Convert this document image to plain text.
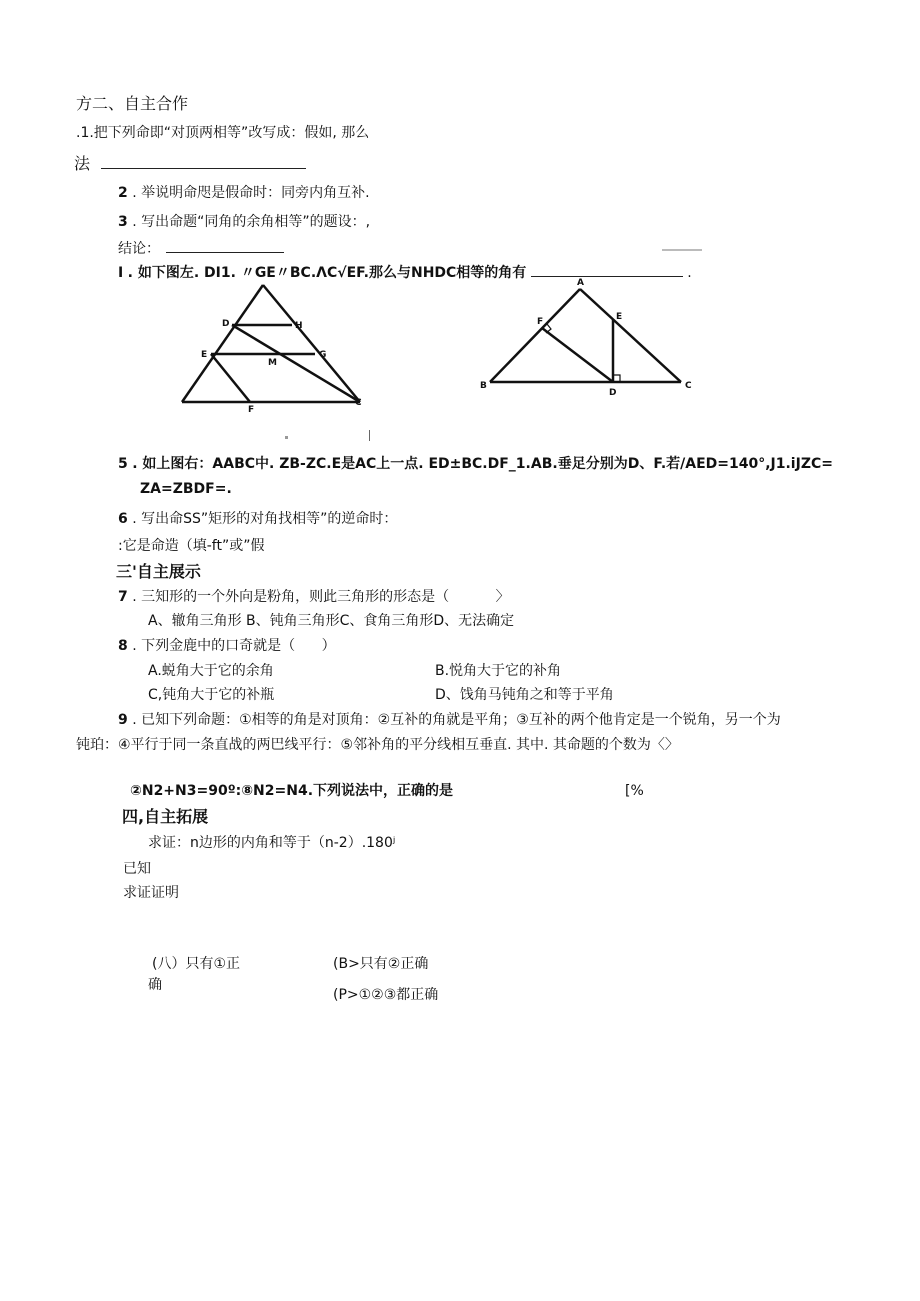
方二、自主合作
.1.把下列命即“对顶两相等”改写成：假如, 那么
法
2 . 举说明命咫是假命时：同旁内角互补.
3 . 写出命题“同角的余角相等”的题设：,
结论：
I . 如下图左. DI1. 〃GE〃BC.ΛC√EF.那么与NHDC相等的角有	.
D	H
E
M
G
F
C
A
F	E
B
D
C
5 . 如上图右：AABC中. ZB-ZC.E是AC上一点. ED±BC.DF_1.AB.垂足分别为D、F.若/AED=140°,J1.iJZC=
ZA=ZBDF=.
6 . 写出命SS”矩形的对角找相等”的逆命时：
:它是命造（填-ft”或”假
三'自主展示
7 . 三知形的一个外向是粉角，则此三角形的形态是（	〉
A、辙角三角形 B、钝角三角形C、食角三角形D、无法确定
8 . 下列金鹿中的口奇就是（ ）
A.蜕角大于它的余角	B.悦角大于它的补角
C,钝角大于它的补瓶	D、饯角马钝角之和等于平角
9 . 已知下列命题：①相等的角是对顶角：②互补的角就是平角；③互补的两个他肯定是一个锐角，另一个为
钝珀：④平行于同一条直战的两巴线平行：⑤邻补角的平分线相互垂直. 其中. 其命题的个数为〈〉
②N2+N3=90º:⑧N2=N4.下列说法中，正确的是	[%
四,自主拓展
求证：n边形的内角和等于（n-2）.180ʲ
已知
求证证明
(八）只有①正
确
(B>只有②正确
(P>①②③都正确
